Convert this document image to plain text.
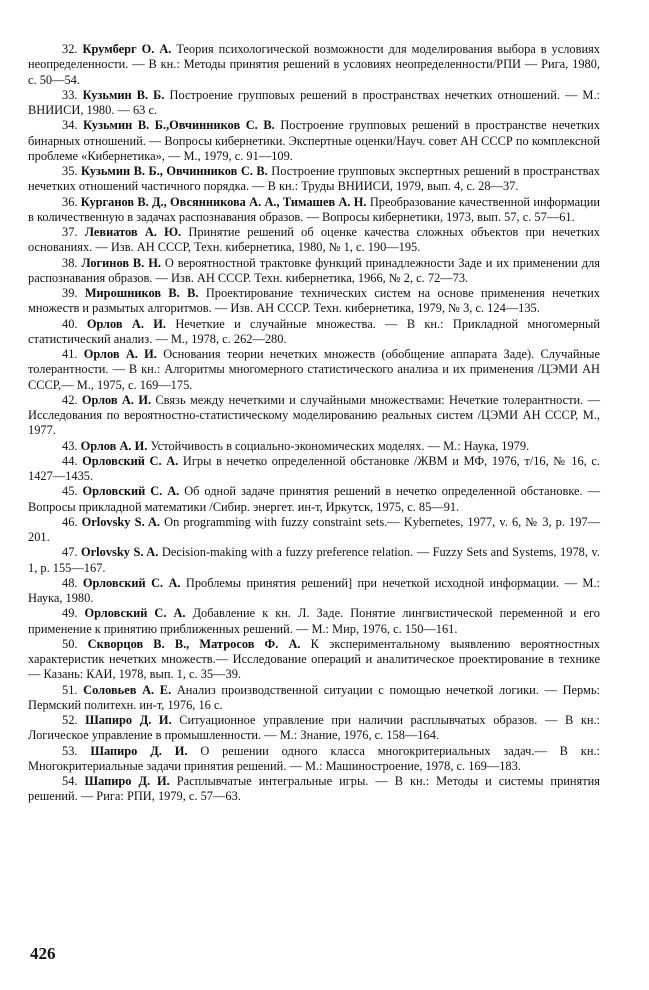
32. Крумберг О. А. Теория психологической возможности для моделирования выбора в условиях неопределенности. — В кн.: Методы принятия решений в условиях неопределенности/РПИ — Рига, 1980, с. 50—54.

33. Кузьмин В. Б. Построение групповых решений в пространствах нечетких отношений. — М.: ВНИИСИ, 1980. — 63 с.

34. Кузьмин В. Б.,Овчинников С. В. Построение групповых решений в пространстве нечетких бинарных отношений. — Вопросы кибернетики. Экспертные оценки/Науч. совет АН СССР по комплексной проблеме «Кибернетика», — М., 1979, с. 91—109.

35. Кузьмин В. Б., Овчинников С. В. Построение групповых экспертных решений в пространствах нечетких отношений частичного порядка. — В кн.: Труды ВНИИСИ, 1979, вып. 4, с. 28—37.

36. Курганов В. Д., Овсянникова А. А., Тимашев А. Н. Преобразование качественной информации в количественную в задачах распознавания образов. — Вопросы кибернетики, 1973, вып. 57, с. 57—61.

37. Левиатов А. Ю. Принятие решений об оценке качества сложных объектов при нечетких основаниях. — Изв. АН СССР, Техн. кибернетика, 1980, № 1, с. 190—195.

38. Логинов В. Н. О вероятностной трактовке функций принадлежности Заде и их применении для распознавания образов. — Изв. АН СССР. Техн. кибернетика, 1966, № 2, с. 72—73.

39. Мирошников В. В. Проектирование технических систем на основе применения нечетких множеств и размытых алгоритмов. — Изв. АН СССР. Техн. кибернетика, 1979, № 3, с. 124—135.

40. Орлов А. И. Нечеткие и случайные множества. — В кн.: Прикладной многомерный статистический анализ. — М., 1978, с. 262—280.

41. Орлов А. И. Основания теории нечетких множеств (обобщение аппарата Заде). Случайные толерантности. — В кн.: Алгоритмы многомерного статистического анализа и их применения /ЦЭМИ АН СССР,— М., 1975, с. 169—175.

42. Орлов А. И. Связь между нечеткими и случайными множествами: Нечеткие толерантности. — Исследования по вероятностно-статистическому моделированию реальных систем /ЦЭМИ АН СССР, М., 1977.

43. Орлов А. И. Устойчивость в социально-экономических моделях. — М.: Наука, 1979.

44. Орловский С. А. Игры в нечетко определенной обстановке /ЖВМ и МФ, 1976, т/16, № 16, с. 1427—1435.

45. Орловский С. А. Об одной задаче принятия решений в нечетко определенной обстановке. — Вопросы прикладной математики /Сибир. энергет. ин-т, Иркутск, 1975, с. 85—91.

46. Orlovsky S. A. On programming with fuzzy constraint sets.— Kybernetes, 1977, v. 6, № 3, p. 197—201.

47. Orlovsky S. A. Decision-making with a fuzzy preference relation. — Fuzzy Sets and Systems, 1978, v. 1, p. 155—167.

48. Орловский С. А. Проблемы принятия решений] при нечеткой исходной информации. — М.: Наука, 1980.

49. Орловский С. А. Добавление к кн. Л. Заде. Понятие лингвистической переменной и его применение к принятию приближенных решений. — М.: Мир, 1976, с. 150—161.

50. Скворцов В. В., Матросов Ф. А. К экспериментальному выявлению вероятностных характеристик нечетких множеств.— Исследование операций и аналитическое проектирование в технике — Казань: КАИ, 1978, вып. 1, с. 35—39.

51. Соловьев А. Е. Анализ производственной ситуации с помощью нечеткой логики. — Пермь: Пермский политехн. ин-т, 1976, 16 с.

52. Шапиро Д. И. Ситуационное управление при наличии расплывчатых образов. — В кн.: Логическое управление в промышленности. — М.: Знание, 1976, с. 158—164.

53. Шапиро Д. И. О решении одного класса многокритериальных задач.— В кн.: Многокритериальные задачи принятия решений. — М.: Машиностроение, 1978, с. 169—183.

54. Шапиро Д. И. Расплывчатые интегральные игры. — В кн.: Методы и системы принятия решений. — Рига: РПИ, 1979, с. 57—63.

426
